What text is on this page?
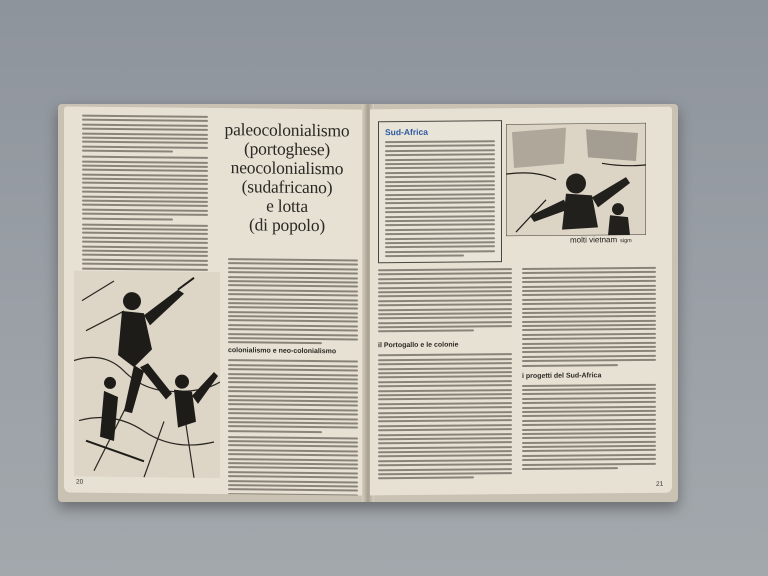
paleocolonialismo
(portoghese)
neocolonialismo
(sudafricano)
e lotta
(di popolo)
colonialismo e neo-colonialismo
20
Sud-Africa
molti vietnam sigm
il Portogallo e le colonie
i progetti del Sud-Africa
21
